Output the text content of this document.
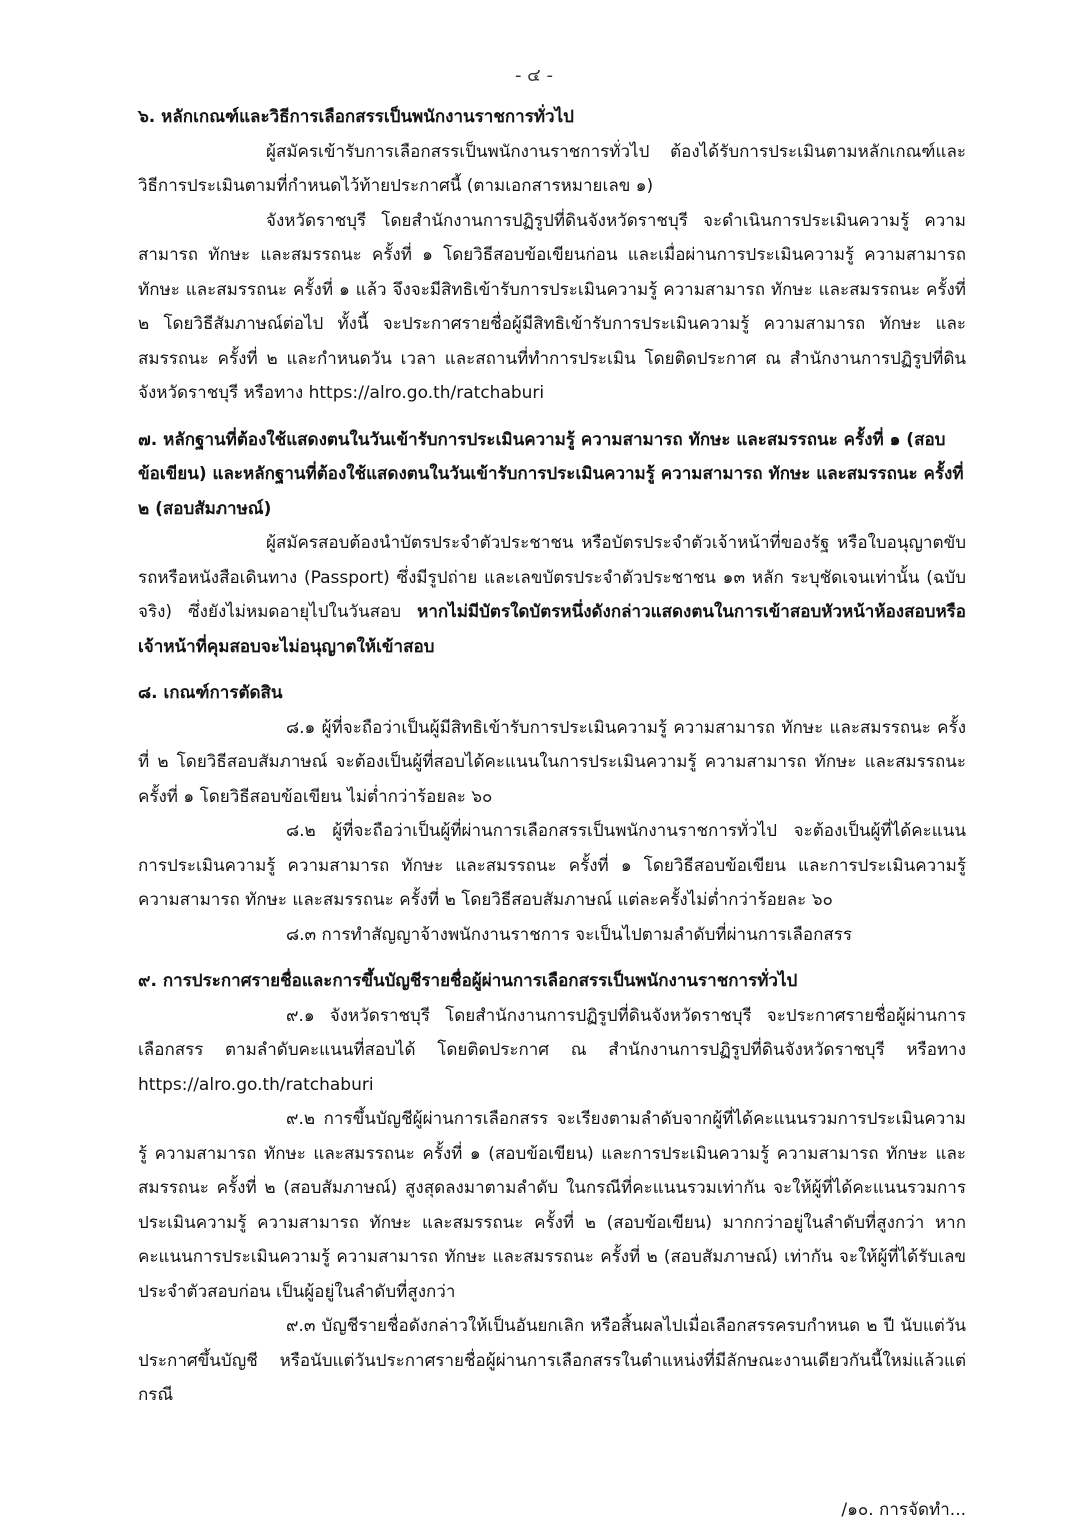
- ๔ -

๖. หลักเกณฑ์และวิธีการเลือกสรรเป็นพนักงานราชการทั่วไป

ผู้สมัครเข้ารับการเลือกสรรเป็นพนักงานราชการทั่วไป ต้องได้รับการประเมินตามหลักเกณฑ์และวิธีการประเมินตามที่กำหนดไว้ท้ายประกาศนี้ (ตามเอกสารหมายเลข ๑)

จังหวัดราชบุรี โดยสำนักงานการปฏิรูปที่ดินจังหวัดราชบุรี จะดำเนินการประเมินความรู้ ความสามารถ ทักษะ และสมรรถนะ ครั้งที่ ๑ โดยวิธีสอบข้อเขียนก่อน และเมื่อผ่านการประเมินความรู้ ความสามารถ ทักษะ และสมรรถนะ ครั้งที่ ๑ แล้ว จึงจะมีสิทธิเข้ารับการประเมินความรู้ ความสามารถ ทักษะ และสมรรถนะ ครั้งที่ ๒ โดยวิธีสัมภาษณ์ต่อไป ทั้งนี้ จะประกาศรายชื่อผู้มีสิทธิเข้ารับการประเมินความรู้ ความสามารถ ทักษะ และสมรรถนะ ครั้งที่ ๒ และกำหนดวัน เวลา และสถานที่ทำการประเมิน โดยติดประกาศ ณ สำนักงานการปฏิรูปที่ดินจังหวัดราชบุรี หรือทาง https://alro.go.th/ratchaburi

๗. หลักฐานที่ต้องใช้แสดงตนในวันเข้ารับการประเมินความรู้ ความสามารถ ทักษะ และสมรรถนะ ครั้งที่ ๑ (สอบข้อเขียน) และหลักฐานที่ต้องใช้แสดงตนในวันเข้ารับการประเมินความรู้ ความสามารถ ทักษะ และสมรรถนะ ครั้งที่ ๒ (สอบสัมภาษณ์)

ผู้สมัครสอบต้องนำบัตรประจำตัวประชาชน หรือบัตรประจำตัวเจ้าหน้าที่ของรัฐ หรือใบอนุญาตขับรถหรือหนังสือเดินทาง (Passport) ซึ่งมีรูปถ่าย และเลขบัตรประจำตัวประชาชน ๑๓ หลัก ระบุชัดเจนเท่านั้น (ฉบับจริง) ซึ่งยังไม่หมดอายุไปในวันสอบ หากไม่มีบัตรใดบัตรหนึ่งดังกล่าวแสดงตนในการเข้าสอบหัวหน้าห้องสอบหรือเจ้าหน้าที่คุมสอบจะไม่อนุญาตให้เข้าสอบ

๘. เกณฑ์การตัดสิน

๘.๑ ผู้ที่จะถือว่าเป็นผู้มีสิทธิเข้ารับการประเมินความรู้ ความสามารถ ทักษะ และสมรรถนะ ครั้งที่ ๒ โดยวิธีสอบสัมภาษณ์ จะต้องเป็นผู้ที่สอบได้คะแนนในการประเมินความรู้ ความสามารถ ทักษะ และสมรรถนะ ครั้งที่ ๑ โดยวิธีสอบข้อเขียน ไม่ต่ำกว่าร้อยละ ๖๐

๘.๒ ผู้ที่จะถือว่าเป็นผู้ที่ผ่านการเลือกสรรเป็นพนักงานราชการทั่วไป จะต้องเป็นผู้ที่ได้คะแนนการประเมินความรู้ ความสามารถ ทักษะ และสมรรถนะ ครั้งที่ ๑ โดยวิธีสอบข้อเขียน และการประเมินความรู้ ความสามารถ ทักษะ และสมรรถนะ ครั้งที่ ๒ โดยวิธีสอบสัมภาษณ์ แต่ละครั้งไม่ต่ำกว่าร้อยละ ๖๐

๘.๓ การทำสัญญาจ้างพนักงานราชการ จะเป็นไปตามลำดับที่ผ่านการเลือกสรร

๙. การประกาศรายชื่อและการขึ้นบัญชีรายชื่อผู้ผ่านการเลือกสรรเป็นพนักงานราชการทั่วไป

๙.๑ จังหวัดราชบุรี โดยสำนักงานการปฏิรูปที่ดินจังหวัดราชบุรี จะประกาศรายชื่อผู้ผ่านการเลือกสรร ตามลำดับคะแนนที่สอบได้ โดยติดประกาศ ณ สำนักงานการปฏิรูปที่ดินจังหวัดราชบุรี หรือทาง https://alro.go.th/ratchaburi

๙.๒ การขึ้นบัญชีผู้ผ่านการเลือกสรร จะเรียงตามลำดับจากผู้ที่ได้คะแนนรวมการประเมินความรู้ ความสามารถ ทักษะ และสมรรถนะ ครั้งที่ ๑ (สอบข้อเขียน) และการประเมินความรู้ ความสามารถ ทักษะ และสมรรถนะ ครั้งที่ ๒ (สอบสัมภาษณ์) สูงสุดลงมาตามลำดับ ในกรณีที่คะแนนรวมเท่ากัน จะให้ผู้ที่ได้คะแนนรวมการประเมินความรู้ ความสามารถ ทักษะ และสมรรถนะ ครั้งที่ ๒ (สอบข้อเขียน) มากกว่าอยู่ในลำดับที่สูงกว่า หากคะแนนการประเมินความรู้ ความสามารถ ทักษะ และสมรรถนะ ครั้งที่ ๒ (สอบสัมภาษณ์) เท่ากัน จะให้ผู้ที่ได้รับเลขประจำตัวสอบก่อน เป็นผู้อยู่ในลำดับที่สูงกว่า

๙.๓ บัญชีรายชื่อดังกล่าวให้เป็นอันยกเลิก หรือสิ้นผลไปเมื่อเลือกสรรครบกำหนด ๒ ปี นับแต่วันประกาศขึ้นบัญชี หรือนับแต่วันประกาศรายชื่อผู้ผ่านการเลือกสรรในตำแหน่งที่มีลักษณะงานเดียวกันนี้ใหม่แล้วแต่กรณี

/๑๐. การจัดทำ...
